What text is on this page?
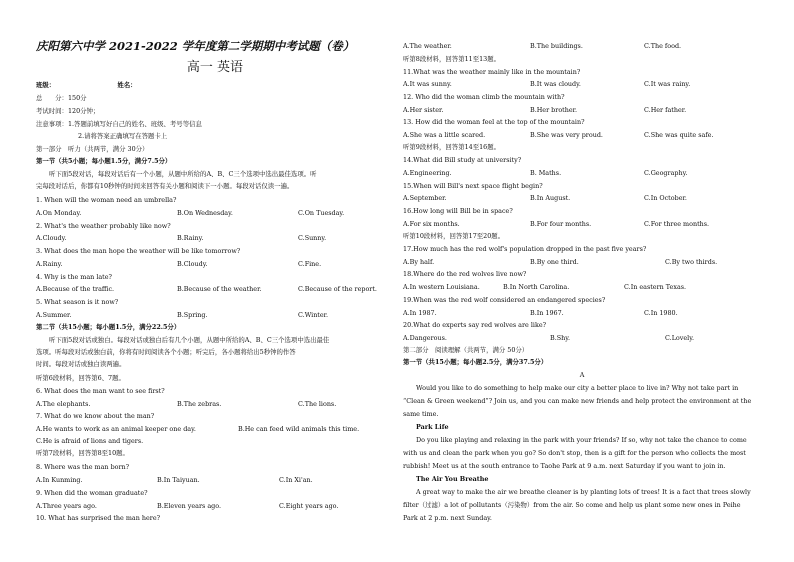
庆阳第六中学 2021-2022 学年度第二学期期中考试题（卷）
高一 英语
班级：	姓名：
总　　分：150分
考试时间：120分钟；
注意事项：1.答题前填写好自己的姓名、班级、考号等信息
2.请将答案正确填写在答题卡上
第一部分　听力（共两节，满分 30分）
第一节（共5小题；每小题1.5分，满分7.5分）
听下面5段对话，每段对话后有一个小题，从题中所给的A、B、C三个选项中选出最佳选项。听
完每段对话后，你都有10秒钟的时间来回答有关小题和阅读下一小题。每段对话仅读一遍。
1. When will the woman need an umbrella?
A.On Monday.	B.On Wednesday.	C.On Tuesday.
2. What's the weather probably like now?
A.Cloudy.	B.Rainy.	C.Sunny.
3. What does the man hope the weather will be like tomorrow?
A.Rainy.	B.Cloudy.	C.Fine.
4. Why is the man late?
A.Because of the traffic.	B.Because of the weather.	C.Because of the report.
5. What season is it now?
A.Summer.	B.Spring.	C.Winter.
第二节（共15小题；每小题1.5分，满分22.5分）
听下面5段对话或独白。每段对话或独白后有几个小题，从题中所给的A、B、C三个选项中选出最佳
选项。听每段对话或独白前，你将有时间阅读各个小题；听完后，各小题将给出5秒钟的作答
时间。每段对话或独白读两遍。
听第6段材料，回答第6、7题。
6. What does the man want to see first?
A.The elephants.	B.The zebras.	C.The lions.
7. What do we know about the man?
A.He wants to work as an animal keeper one day.	B.He can feed wild animals this time.
C.He is afraid of lions and tigers.
听第7段材料，回答第8至10题。
8. Where was the man born?
A.In Kunming.	B.In Taiyuan.	C.In Xi'an.
9. When did the woman graduate?
A.Three years ago.	B.Eleven years ago.	C.Eight years ago.
10. What has surprised the man here?
A.The weather.	B.The buildings.	C.The food.
听第8段材料，回答第11至13题。
11.What was the weather mainly like in the mountain?
A.It was sunny.	B.It was cloudy.	C.It was rainy.
12. Who did the woman climb the mountain with?
A.Her sister.	B.Her brother.	C.Her father.
13. How did the woman feel at the top of the mountain?
A.She was a little scared.	B.She was very proud.	C.She was quite safe.
听第9段材料，回答第14至16题。
14.What did Bill study at university?
A.Engineering.	B. Maths.	C.Geography.
15.When will Bill's next space flight begin?
A.September.	B.In August.	C.In October.
16.How long will Bill be in space?
A.For six months.	B.For four months.	C.For three months.
听第10段材料，回答第17至20题。
17.How much has the red wolf's population dropped in the past five years?
A.By half.	B.By one third.	C.By two thirds.
18.Where do the red wolves live now?
A.In western Louisiana.	B.In North Carolina.	C.In eastern Texas.
19.When was the red wolf considered an endangered species?
A.In 1987.	B.In 1967.	C.In 1980.
20.What do experts say red wolves are like?
A.Dangerous.	B.Shy.	C.Lovely.
第二部分　阅读理解（共两节，满分 50分）
第一节（共15小题；每小题2.5分，满分37.5分）
A
Would you like to do something to help make our city a better place to live in? Why not take part in
“Clean & Green weekend”? Join us, and you can make new friends and help protect the environment at the
same time.
Park Life
Do you like playing and relaxing in the park with your friends? If so, why not take the chance to come
with us and clean the park when you go? So don't stop, then is a gift for the person who collects the most
rubbish! Meet us at the south entrance to Taohe Park at 9 a.m. next Saturday if you want to join in.
The Air You Breathe
A great way to make the air we breathe cleaner is by planting lots of trees! It is a fact that trees slowly
filter（过滤）a lot of pollutants（污染物）from the air. So come and help us plant some new ones in Peihe
Park at 2 p.m. next Sunday.
